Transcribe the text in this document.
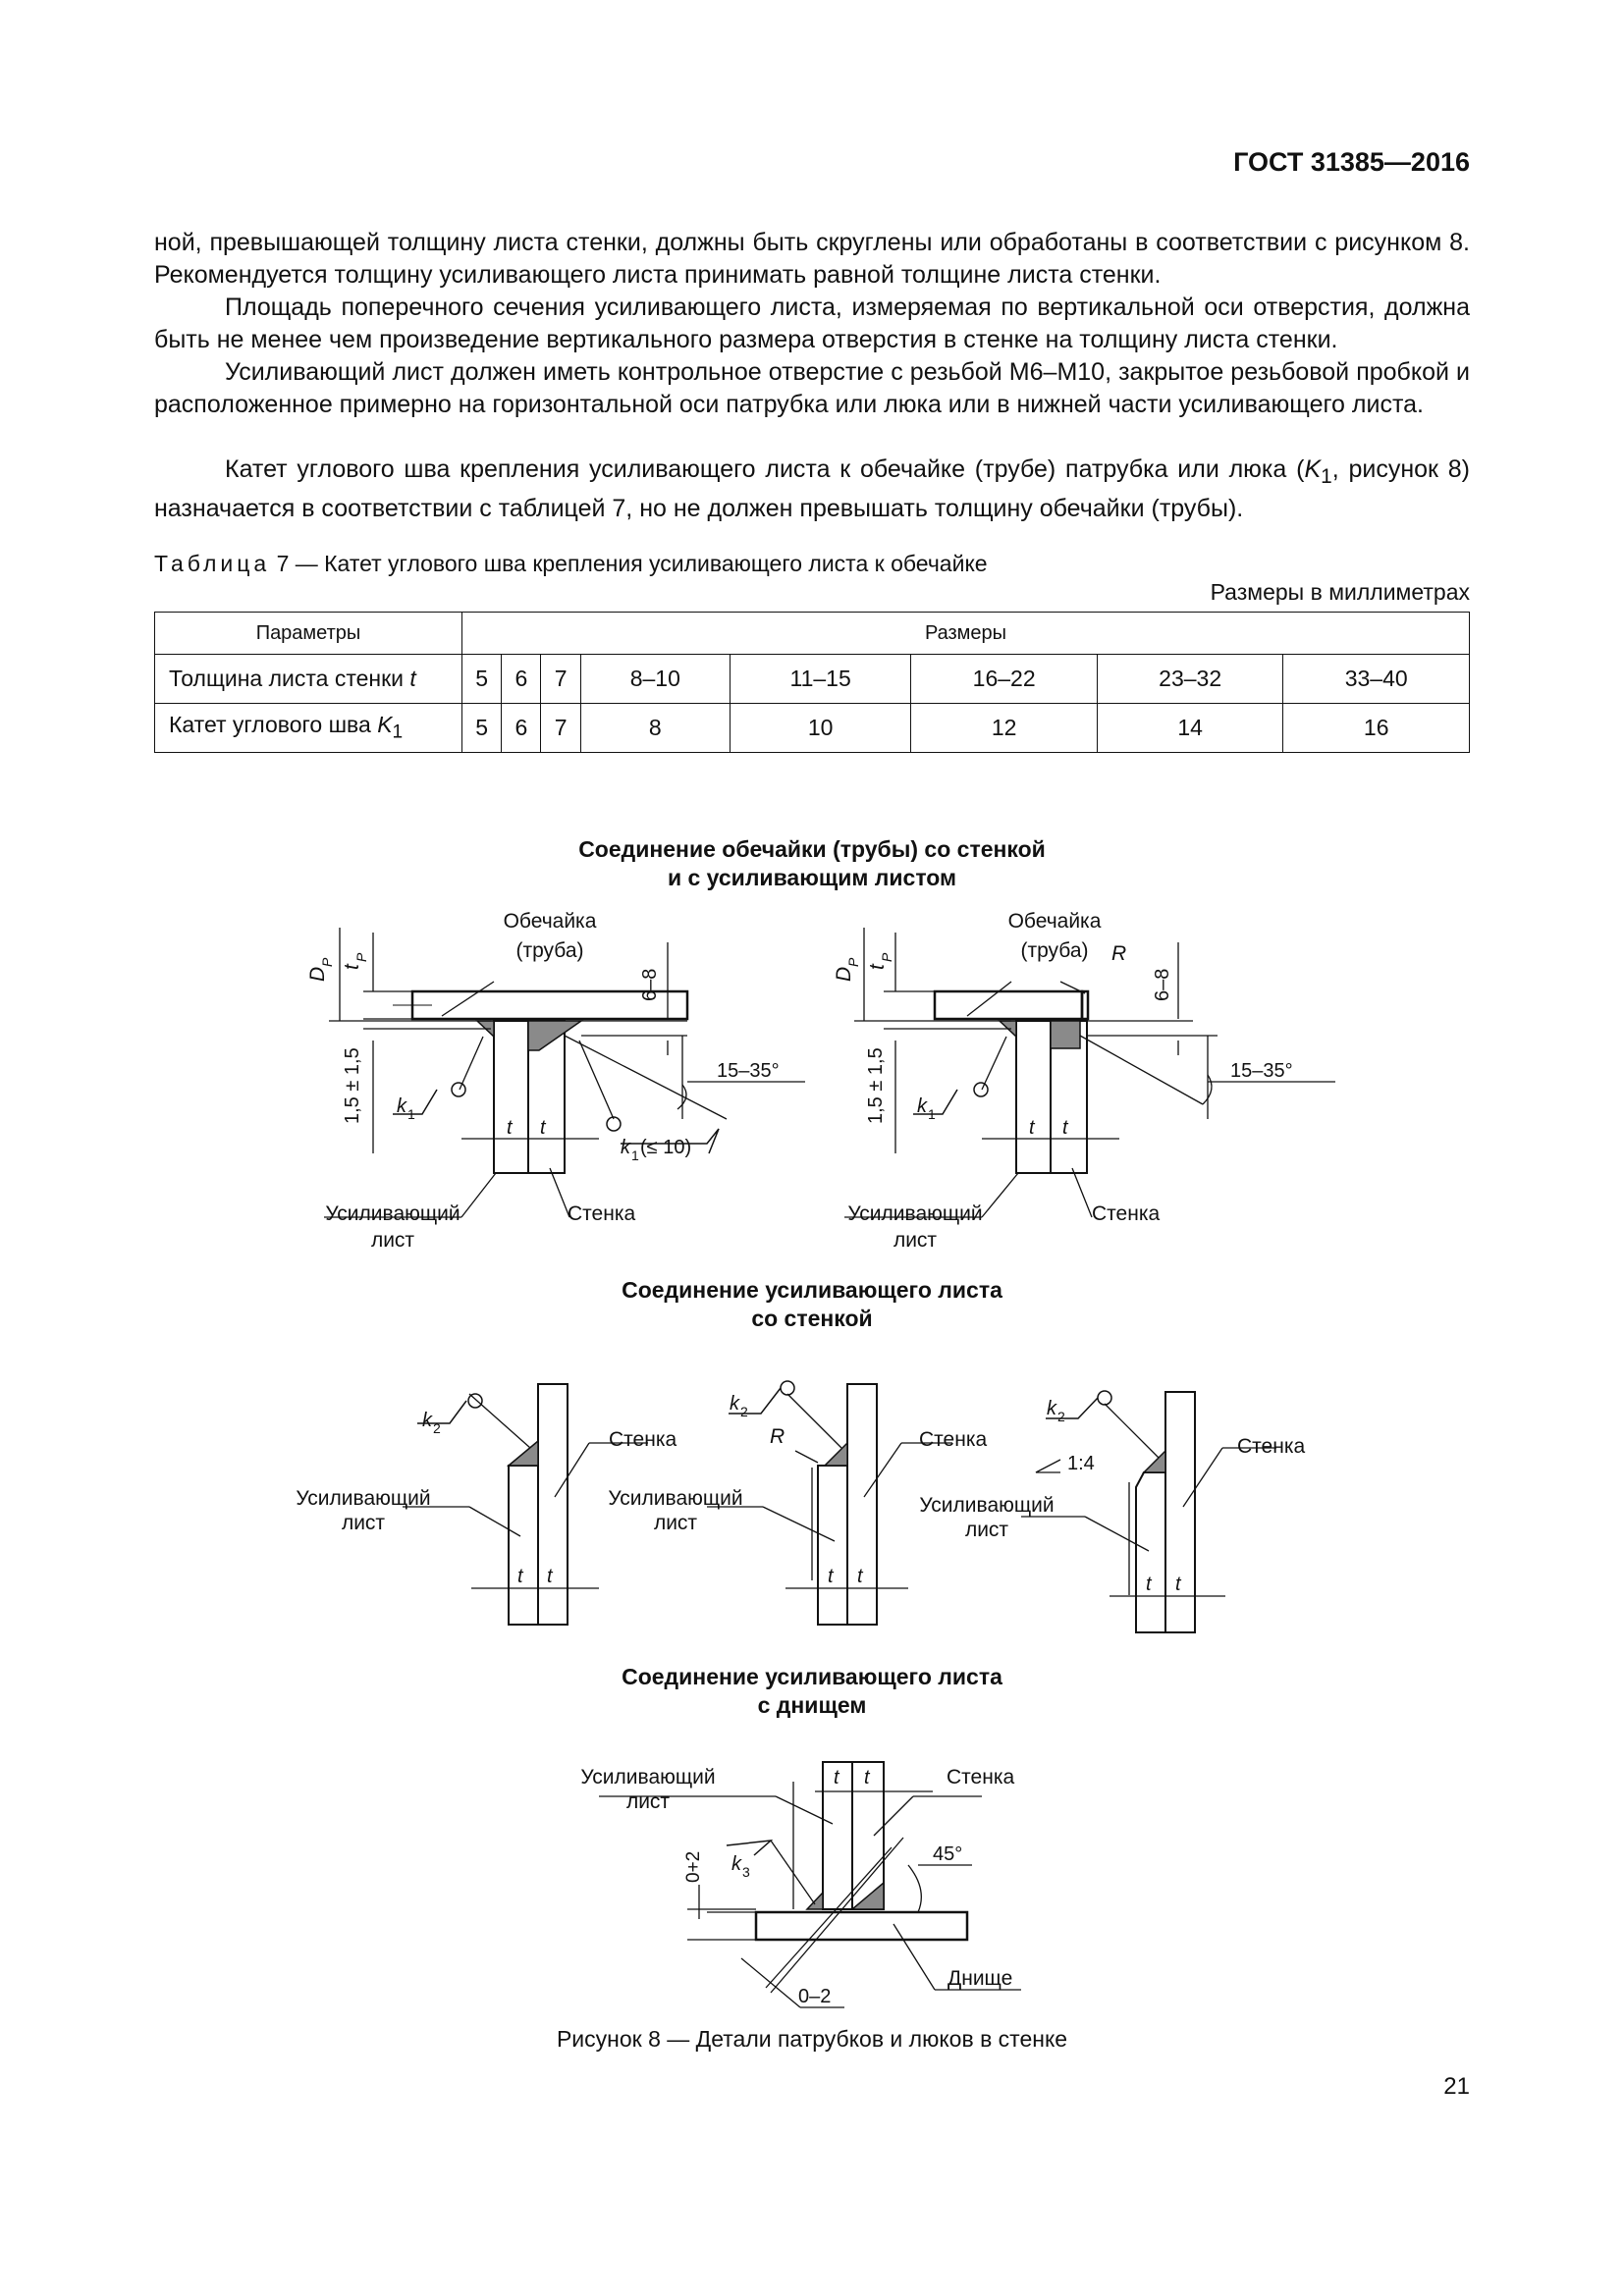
ГОСТ 31385—2016
ной, превышающей толщину листа стенки, должны быть скруглены или обработаны в соответствии с рисунком 8. Рекомендуется толщину усиливающего листа принимать равной толщине листа стенки.
Площадь поперечного сечения усиливающего листа, измеряемая по вертикальной оси отверстия, должна быть не менее чем произведение вертикального размера отверстия в стенке на толщину листа стенки.
Усиливающий лист должен иметь контрольное отверстие с резьбой М6–М10, закрытое резьбовой пробкой и расположенное примерно на горизонтальной оси патрубка или люка или в нижней части усиливающего листа.
Катет углового шва крепления усиливающего листа к обечайке (трубе) патрубка или люка ($K_1$, рисунок 8) назначается в соответствии с таблицей 7, но не должен превышать толщину обечайки (трубы).
Таблица 7 — Катет углового шва крепления усиливающего листа к обечайке
Размеры в миллиметрах
Параметры	Размеры							
Толщина листа стенки t	5	6	7	8–10	11–15	16–22	23–32	33–40
Катет углового шва $K_1$	5	6	7	8	10	12	14	16
Соединение обечайки (трубы) со стенкой
и с усиливающим листом
Обечайка
(труба)
D
P
t
P
6–8
1,5 ± 1,5	15–35°
k 1
k 1 (≤ 10)
t t
Усиливающий
лист
Стенка
Обечайка
(труба) R
D
P
t
P
6–8
1,5 ± 1,5	15–35°
k 1
t t
Усиливающий
лист
Стенка
Соединение усиливающего листа
со стенкой
k 2	Стенка
Усиливающий
лист
t t
k 2
R	Стенка
Усиливающий
лист
t t
k 2
1:4
Стенка
Усиливающий
лист
t t
Соединение усиливающего листа
с днищем
Усиливающий
лист
Стенка
t t
k 3
0+2	45°
0–2
Днище
Рисунок 8 — Детали патрубков и люков в стенке
21
